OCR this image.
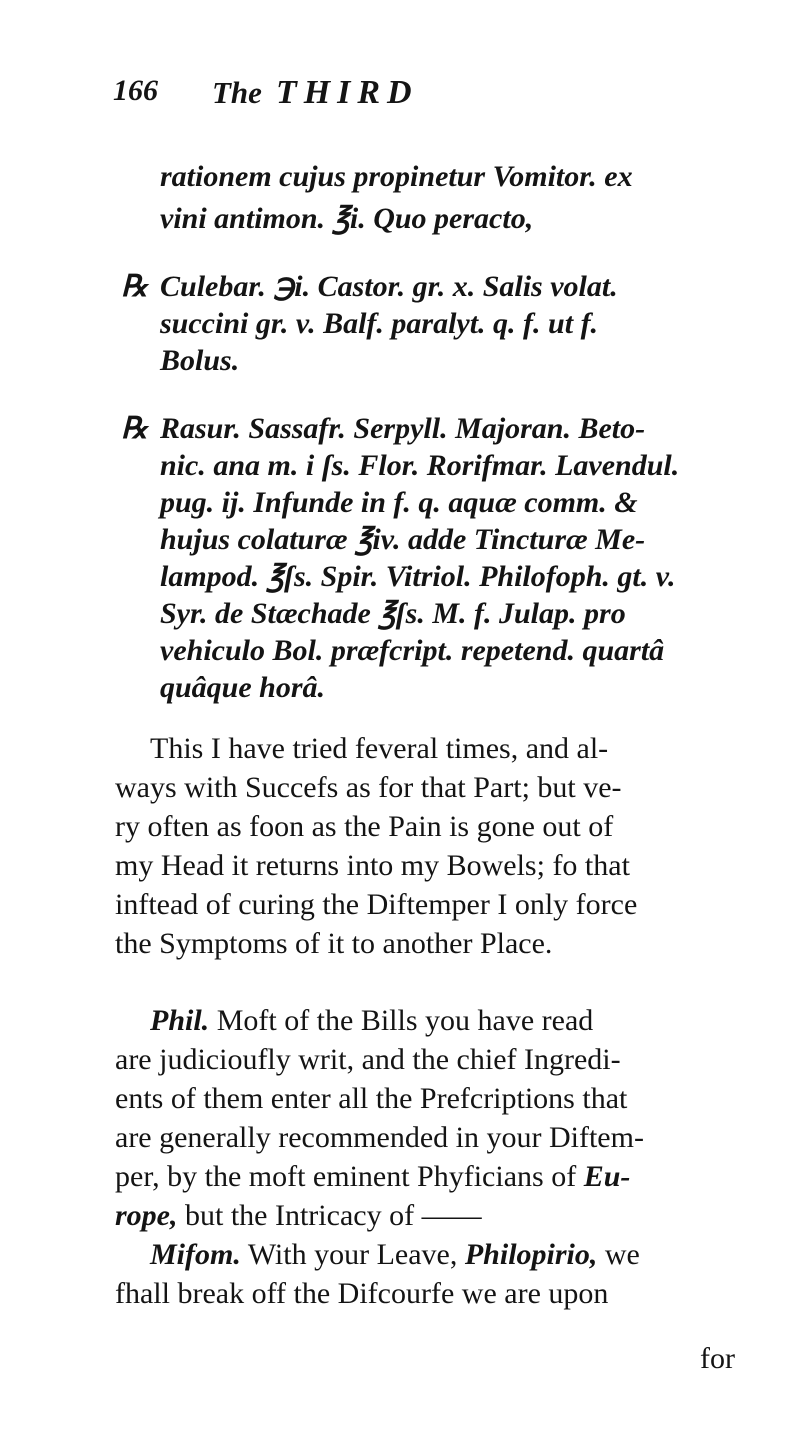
166 The THIRD
rationem cujus propinetur Vomitor. ex
vini antimon. ℥i. Quo peracto,
℞ Culebar. ℈i. Castor. gr. x. Salis volat.
succini gr. v. Balf. paralyt. q. f. ut f.
Bolus.
℞ Rasur. Sassafr. Serpyll. Majoran. Beto-
nic. ana m. i ſs. Flor. Rorifmar. Lavendul.
pug. ij. Infunde in f. q. aquæ comm. &
hujus colaturæ ℥iv. adde Tincturæ Me-
lampod. ℥ſs. Spir. Vitriol. Philofoph. gt. v.
Syr. de Stæchade ℥ſs. M. f. Julap. pro
vehiculo Bol. præfcript. repetend. quartâ
quâque horâ.
This I have tried feveral times, and al-
ways with Succefs as for that Part; but ve-
ry often as foon as the Pain is gone out of
my Head it returns into my Bowels; fo that
inftead of curing the Diftemper I only force
the Symptoms of it to another Place.
Phil. Moft of the Bills you have read
are judicioufly writ, and the chief Ingredi-
ents of them enter all the Prefcriptions that
are generally recommended in your Diftem-
per, by the moft eminent Phyficians of Eu-
rope, but the Intricacy of ——
Mifom. With your Leave, Philopirio, we
fhall break off the Difcourfe we are upon
for
